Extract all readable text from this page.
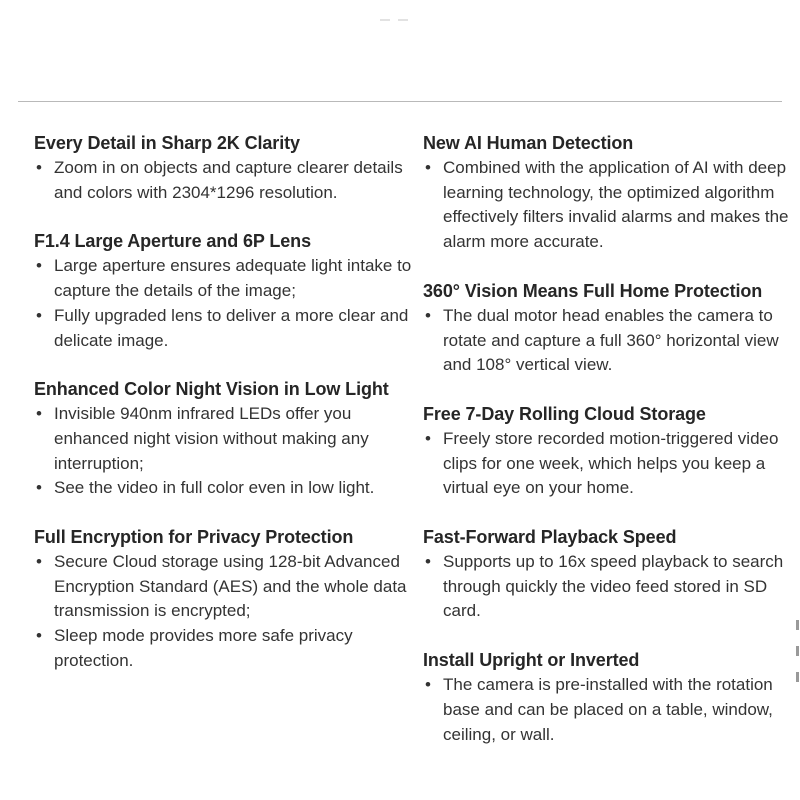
Every Detail in Sharp 2K Clarity
• Zoom in on objects and capture clearer details and colors with 2304*1296 resolution.
F1.4 Large Aperture and 6P Lens
• Large aperture ensures adequate light intake to capture the details of the image;
• Fully upgraded lens to deliver a more clear and delicate image.
Enhanced Color Night Vision in Low Light
• Invisible 940nm infrared LEDs offer you enhanced night vision without making any interruption;
• See the video in full color even in low light.
Full Encryption for Privacy Protection
• Secure Cloud storage using 128-bit Advanced Encryption Standard (AES) and the whole data transmission is encrypted;
• Sleep mode provides more safe privacy protection.
New AI Human Detection
• Combined with the application of AI with deep learning technology, the optimized algorithm effectively filters invalid alarms and makes the alarm more accurate.
360° Vision Means Full Home Protection
• The dual motor head enables the camera to rotate and capture a full 360° horizontal view and 108° vertical view.
Free 7-Day Rolling Cloud Storage
• Freely store recorded motion-triggered video clips for one week, which helps you keep a virtual eye on your home.
Fast-Forward Playback Speed
• Supports up to 16x speed playback to search through quickly the video feed stored in SD card.
Install Upright or Inverted
• The camera is pre-installed with the rotation base and can be placed on a table, window, ceiling, or wall.
